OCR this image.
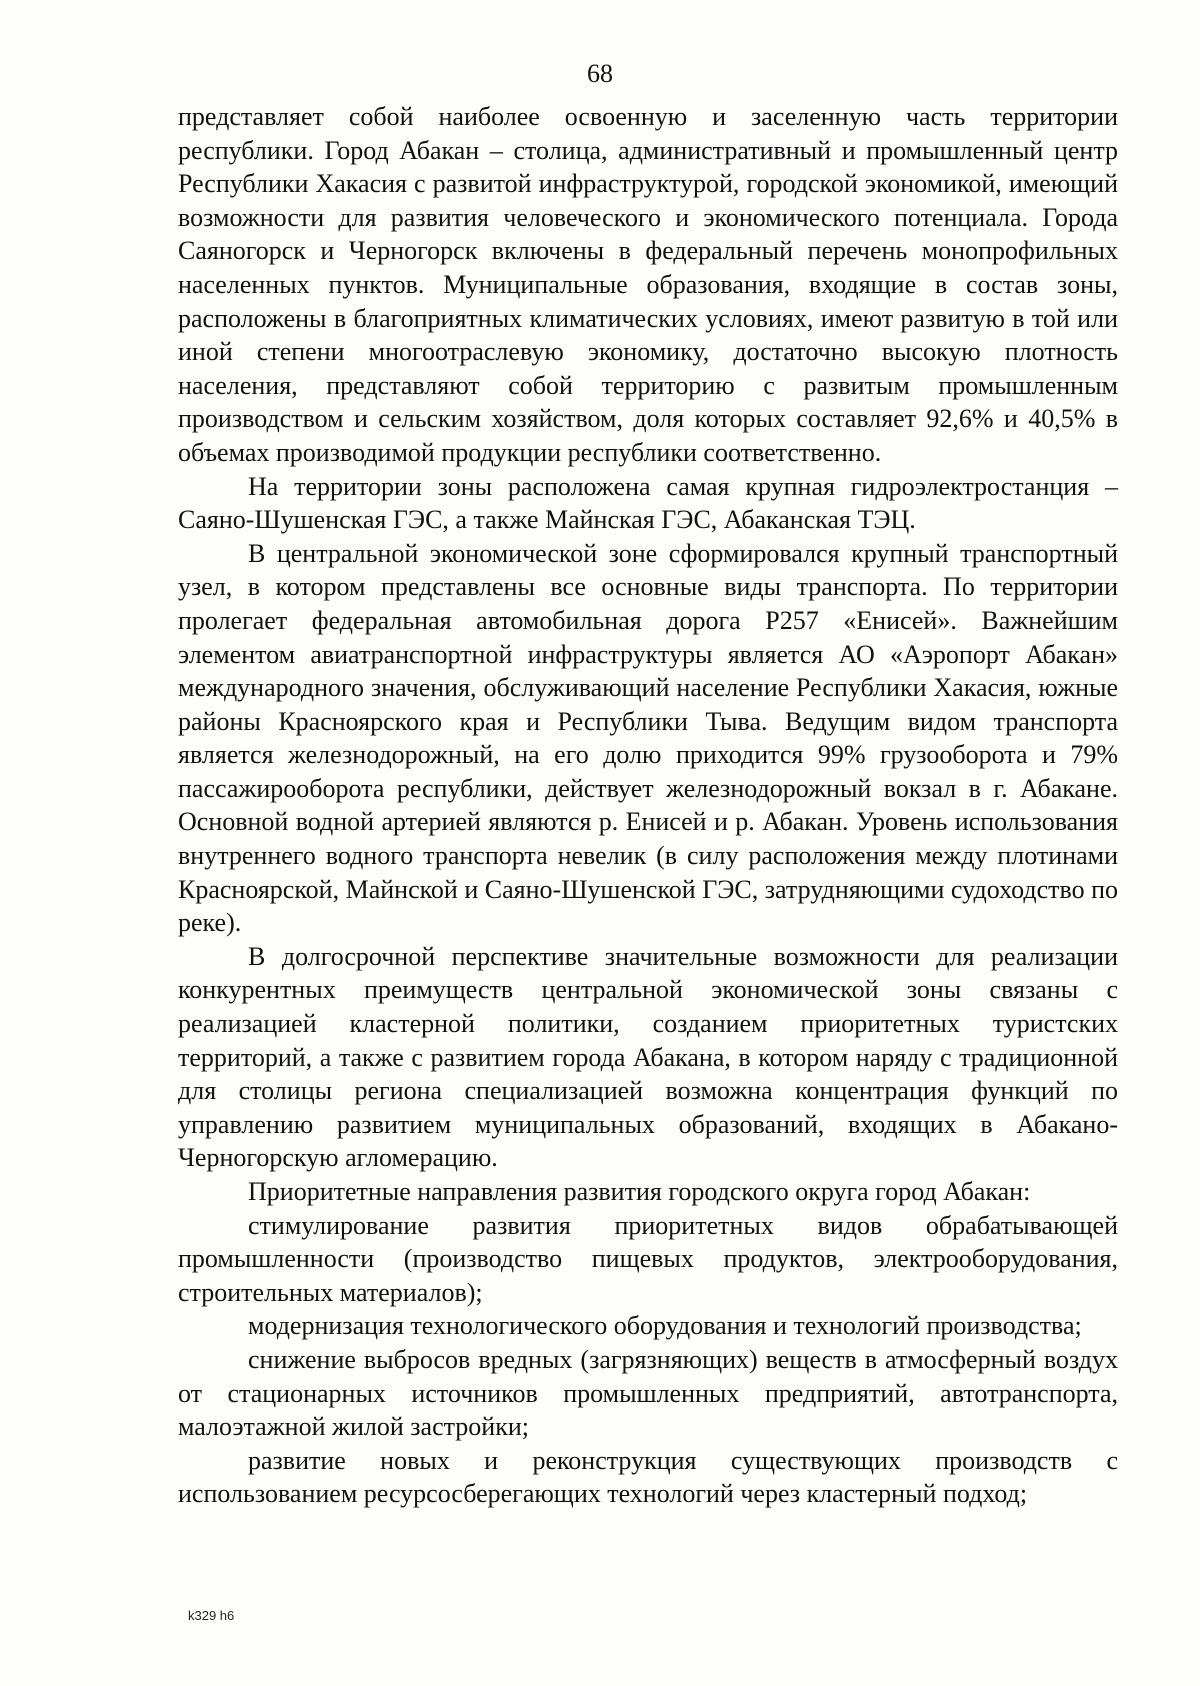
68

представляет собой наиболее освоенную и заселенную часть территории республики. Город Абакан – столица, административный и промышленный центр Республики Хакасия с развитой инфраструктурой, городской экономикой, имеющий возможности для развития человеческого и экономического потенциала. Города Саяногорск и Черногорск включены в федеральный перечень монопрофильных населенных пунктов. Муниципальные образования, входящие в состав зоны, расположены в благоприятных климатических условиях, имеют развитую в той или иной степени многоотраслевую экономику, достаточно высокую плотность населения, представляют собой территорию с развитым промышленным производством и сельским хозяйством, доля которых составляет 92,6% и 40,5% в объемах производимой продукции республики соответственно.

На территории зоны расположена самая крупная гидроэлектростанция – Саяно-Шушенская ГЭС, а также Майнская ГЭС, Абаканская ТЭЦ.

В центральной экономической зоне сформировался крупный транспортный узел, в котором представлены все основные виды транспорта. По территории пролегает федеральная автомобильная дорога Р257 «Енисей». Важнейшим элементом авиатранспортной инфраструктуры является АО «Аэропорт Абакан» международного значения, обслуживающий население Республики Хакасия, южные районы Красноярского края и Республики Тыва. Ведущим видом транспорта является железнодорожный, на его долю приходится 99% грузооборота и 79% пассажирооборота республики, действует железнодорожный вокзал в г. Абакане. Основной водной артерией являются р. Енисей и р. Абакан. Уровень использования внутреннего водного транспорта невелик (в силу расположения между плотинами Красноярской, Майнской и Саяно-Шушенской ГЭС, затрудняющими судоходство по реке).

В долгосрочной перспективе значительные возможности для реализации конкурентных преимуществ центральной экономической зоны связаны с реализацией кластерной политики, созданием приоритетных туристских территорий, а также с развитием города Абакана, в котором наряду с традиционной для столицы региона специализацией возможна концентрация функций по управлению развитием муниципальных образований, входящих в Абакано-Черногорскую агломерацию.

Приоритетные направления развития городского округа город Абакан:

стимулирование развития приоритетных видов обрабатывающей промышленности (производство пищевых продуктов, электрооборудования, строительных материалов);

модернизация технологического оборудования и технологий производства;

снижение выбросов вредных (загрязняющих) веществ в атмосферный воздух от стационарных источников промышленных предприятий, автотранспорта, малоэтажной жилой застройки;

развитие новых и реконструкция существующих производств с использованием ресурсосберегающих технологий через кластерный подход;

k329 h6
